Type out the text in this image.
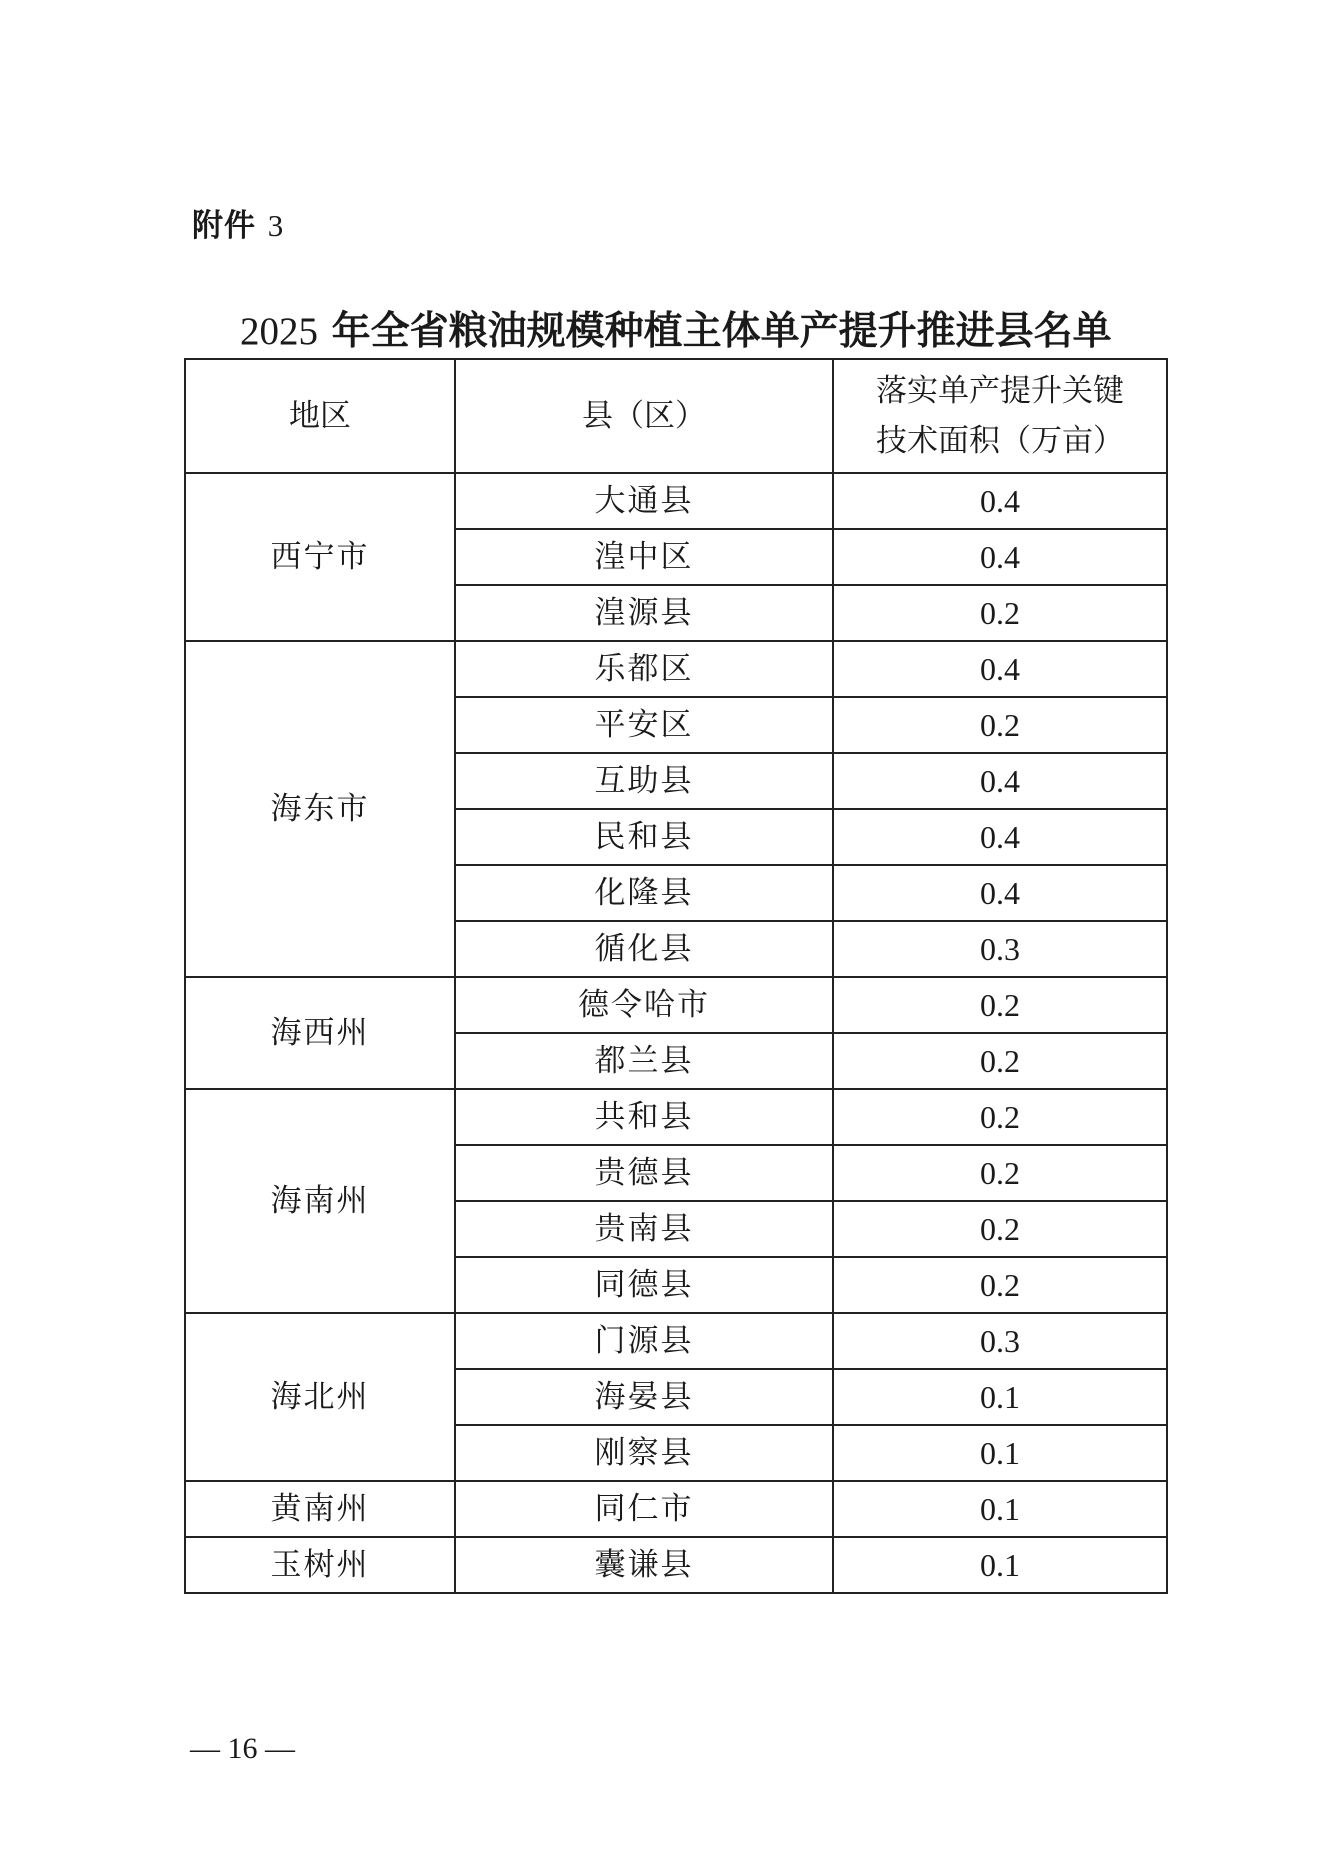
附件 3
2025 年全省粮油规模种植主体单产提升推进县名单
地区	县（区）	落实单产提升关键
技术面积（万亩）

西宁市	大通县	0.4
	湟中区	0.4
	湟源县	0.2
海东市	乐都区	0.4
	平安区	0.2
	互助县	0.4
	民和县	0.4
	化隆县	0.4
	循化县	0.3
海西州	德令哈市	0.2
	都兰县	0.2
海南州	共和县	0.2
	贵德县	0.2
	贵南县	0.2
	同德县	0.2
海北州	门源县	0.3
	海晏县	0.1
	刚察县	0.1
黄南州	同仁市	0.1
玉树州	囊谦县	0.1
— 16 —
